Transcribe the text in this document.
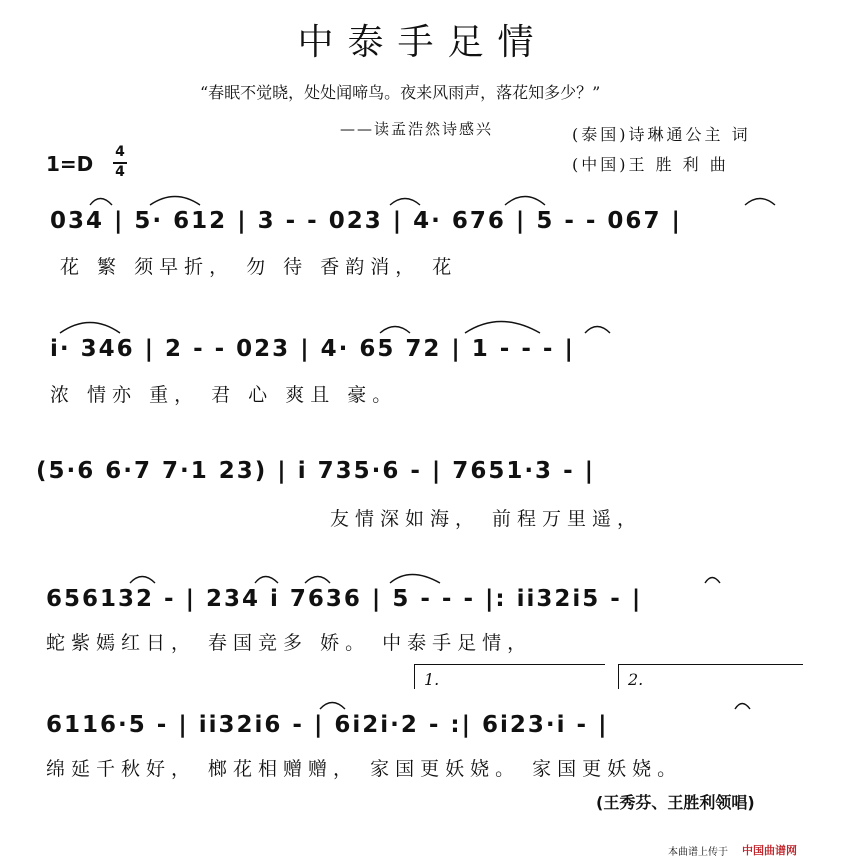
中泰手足情
“春眠不觉晓，处处闻啼鸟。夜来风雨声，落花知多少？”
——读孟浩然诗感兴	(泰国)诗琳通公主 词
(中国)王 胜 利 曲
1=D 4
4
034 | 5· 612 | 3 - - 023 | 4· 676 | 5 - - 067 |
花 繁 须早折， 勿 待 香韵消， 花
i· 346 | 2 - - 023 | 4· 65 72 | 1 - - - |
浓 情亦 重， 君 心 爽且 豪。
(5·6 6·7 7·1 23) | i 735·6 - | 7651·3 - |
友情深如海， 前程万里遥，
656132 - | 234 i 7636 | 5 - - - |: ii32i5 - |
蛇紫嫣红日， 春国竞多 娇。 中泰手足情，
1.	2.
6116·5 - | ii32i6 - | 6i2i·2 - :| 6i23·i - |
绵延千秋好， 榔花相赠赠， 家国更妖娆。 家国更妖娆。
(王秀芬、王胜利领唱)
本曲谱上传于 中国曲谱网
